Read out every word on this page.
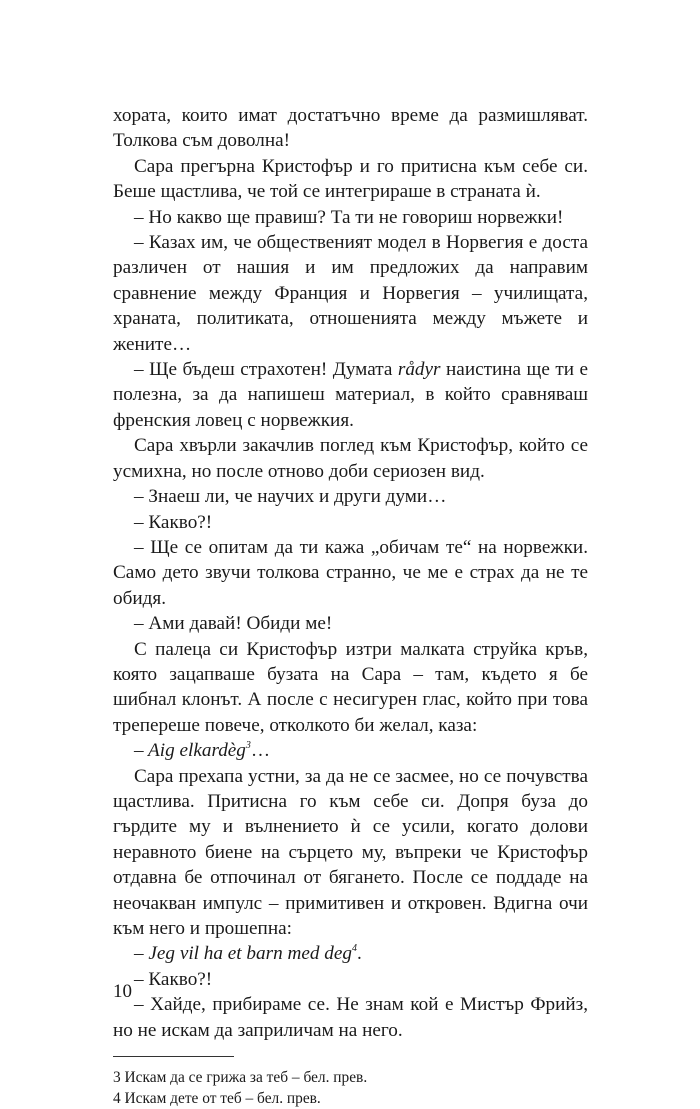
хората, които имат достатъчно време да размишляват. Толкова съм доволна!

Сара прегърна Кристофър и го притисна към себе си. Беше щастлива, че той се интегрираше в страната ѝ.

– Но какво ще правиш? Та ти не говориш норвежки!

– Казах им, че общественият модел в Норвегия е доста различен от нашия и им предложих да направим сравнение между Франция и Норвегия – училищата, храната, политиката, отношенията между мъжете и жените…

– Ще бъдеш страхотен! Думата rådyr наистина ще ти е полезна, за да напишеш материал, в който сравняваш френския ловец с норвежкия.

Сара хвърли закачлив поглед към Кристофър, който се усмихна, но после отново доби сериозен вид.

– Знаеш ли, че научих и други думи…

– Какво?!

– Ще се опитам да ти кажа „обичам те“ на норвежки. Само дето звучи толкова странно, че ме е страх да не те обидя.

– Ами давай! Обиди ме!

С палеца си Кристофър изтри малката струйка кръв, която зацапваше бузата на Сара – там, където я бе шибнал клонът. А после с несигурен глас, който при това трепереше повече, отколкото би желал, каза:

– Aig elkardèg$^3$…

Сара прехапа устни, за да не се засмее, но се почувства щастлива. Притисна го към себе си. Допря буза до гърдите му и вълнението ѝ се усили, когато долови неравното биене на сърцето му, въпреки че Кристофър отдавна бе отпочинал от бягането. После се поддаде на неочакван импулс – примитивен и откровен. Вдигна очи към него и прошепна:

– Jeg vil ha et barn med deg$^4$.

– Какво?!

– Хайде, прибираме се. Не знам кой е Мистър Фрийз, но не искам да заприличам на него.

3 Искам да се грижа за теб – бел. прев.

4 Искам дете от теб – бел. прев.

10
